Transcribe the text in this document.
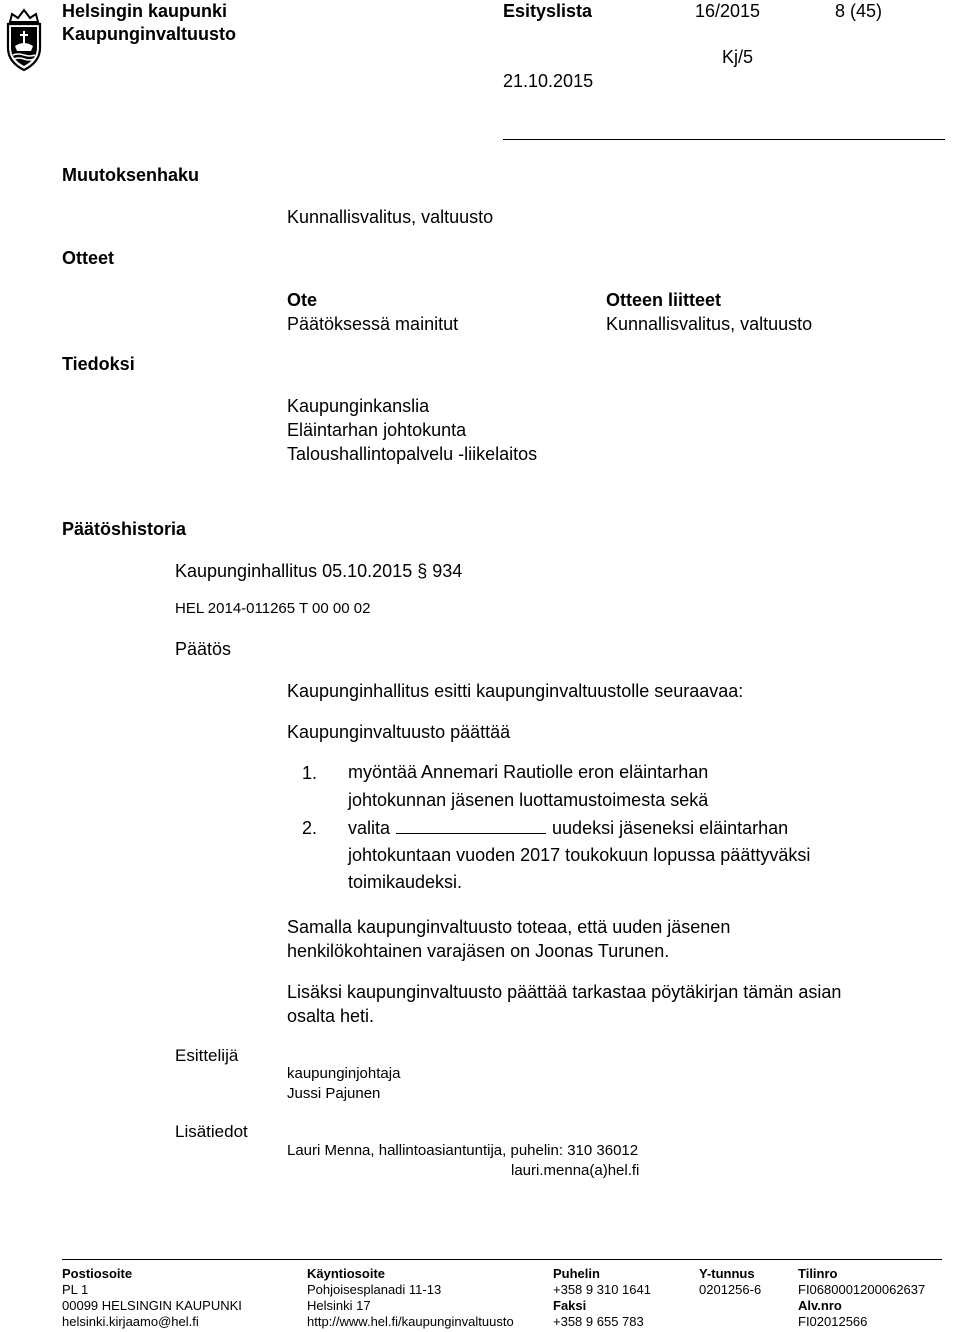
Helsingin kaupunki
Kaupunginvaltuusto
Esityslista	16/2015	8 (45)
Kj/5
21.10.2015
Muutoksenhaku
Kunnallisvalitus, valtuusto
Otteet
Ote
Päätöksessä mainitut
Otteen liitteet
Kunnallisvalitus, valtuusto
Tiedoksi
Kaupunginkanslia
Eläintarhan johtokunta
Taloushallintopalvelu -liikelaitos
Päätöshistoria
Kaupunginhallitus 05.10.2015 § 934
HEL 2014-011265 T 00 00 02
Päätös
Kaupunginhallitus esitti kaupunginvaltuustolle seuraavaa:
Kaupunginvaltuusto päättää
1. myöntää Annemari Rautiolle eron eläintarhan
johtokunnan jäsenen luottamustoimesta sekä
2. valita	uudeksi jäseneksi eläintarhan
johtokuntaan vuoden 2017 toukokuun lopussa päättyväksi
toimikaudeksi.
Samalla kaupunginvaltuusto toteaa, että uuden jäsenen
henkilökohtainen varajäsen on Joonas Turunen.
Lisäksi kaupunginvaltuusto päättää tarkastaa pöytäkirjan tämän asian
osalta heti.
Esittelijä
kaupunginjohtaja
Jussi Pajunen
Lisätiedot
Lauri Menna, hallintoasiantuntija, puhelin: 310 36012
lauri.menna(a)hel.fi
Postiosoite
PL 1
00099 HELSINGIN KAUPUNKI
helsinki.kirjaamo@hel.fi
Käyntiosoite
Pohjoisesplanadi 11-13
Helsinki 17
http://www.hel.fi/kaupunginvaltuusto
Puhelin
+358 9 310 1641
Faksi
+358 9 655 783
Y-tunnus
0201256-6
Tilinro
FI0680001200062637
Alv.nro
FI02012566
